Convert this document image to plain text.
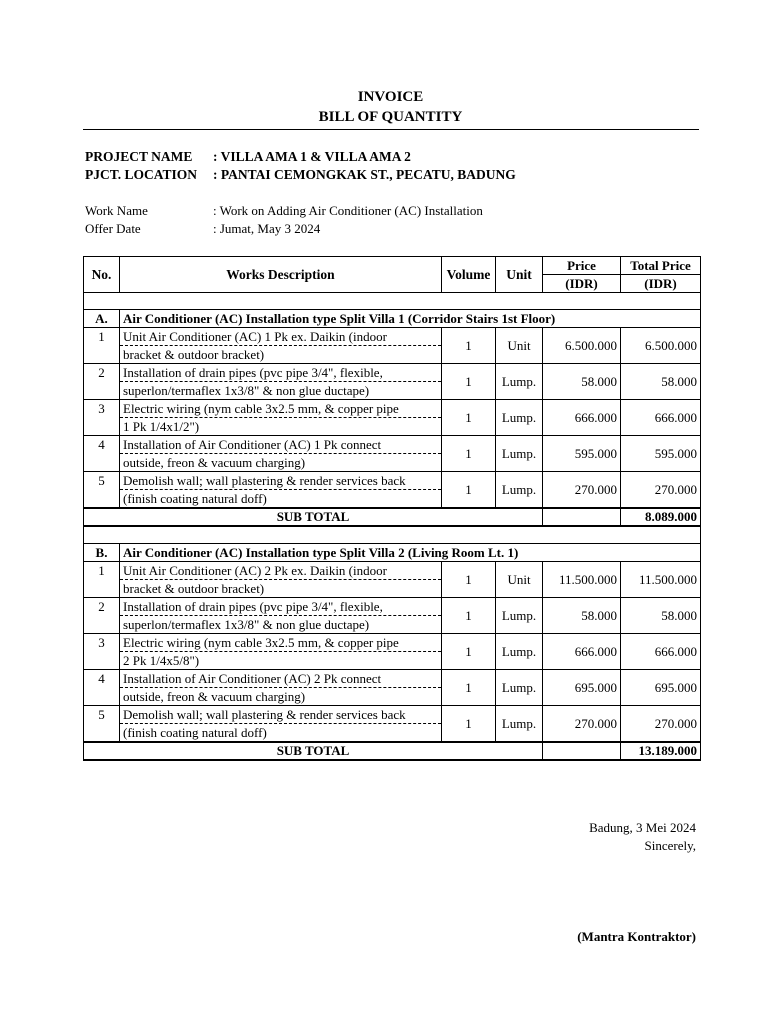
INVOICE
BILL OF QUANTITY
PROJECT NAME : VILLA AMA 1 & VILLA AMA 2
PJCT. LOCATION : PANTAI CEMONGKAK ST., PECATU, BADUNG
Work Name	: Work on Adding Air Conditioner (AC) Installation
Offer Date	: Jumat, May 3 2024
No.	Works Description	Volume	Unit	Price	Total Price
				(IDR)	(IDR)

A.	Air Conditioner (AC) Installation type Split Villa 1 (Corridor Stairs 1st Floor)				
1	Unit Air Conditioner (AC) 1 Pk ex. Daikin (indoor	1	Unit	6.500.000	6.500.000
	bracket & outdoor bracket)				
2	Installation of drain pipes (pvc pipe 3/4", flexible,	1	Lump.	58.000	58.000
	superlon/termaflex 1x3/8" & non glue ductape)				
3	Electric wiring (nym cable 3x2.5 mm, & copper pipe	1	Lump.	666.000	666.000
	1 Pk 1/4x1/2")				
4	Installation of Air Conditioner (AC) 1 Pk connect	1	Lump.	595.000	595.000
	outside, freon & vacuum charging)				
5	Demolish wall; wall plastering & render services back	1	Lump.	270.000	270.000
	(finish coating natural doff)				
SUB TOTAL					8.089.000

B.	Air Conditioner (AC) Installation type Split Villa 2 (Living Room Lt. 1)				
1	Unit Air Conditioner (AC) 2 Pk ex. Daikin (indoor	1	Unit	11.500.000	11.500.000
	bracket & outdoor bracket)				
2	Installation of drain pipes (pvc pipe 3/4", flexible,	1	Lump.	58.000	58.000
	superlon/termaflex 1x3/8" & non glue ductape)				
3	Electric wiring (nym cable 3x2.5 mm, & copper pipe	1	Lump.	666.000	666.000
	2 Pk 1/4x5/8")				
4	Installation of Air Conditioner (AC) 2 Pk connect	1	Lump.	695.000	695.000
	outside, freon & vacuum charging)				
5	Demolish wall; wall plastering & render services back	1	Lump.	270.000	270.000
	(finish coating natural doff)				
SUB TOTAL					13.189.000
Badung, 3 Mei 2024
Sincerely,
(Mantra Kontraktor)
